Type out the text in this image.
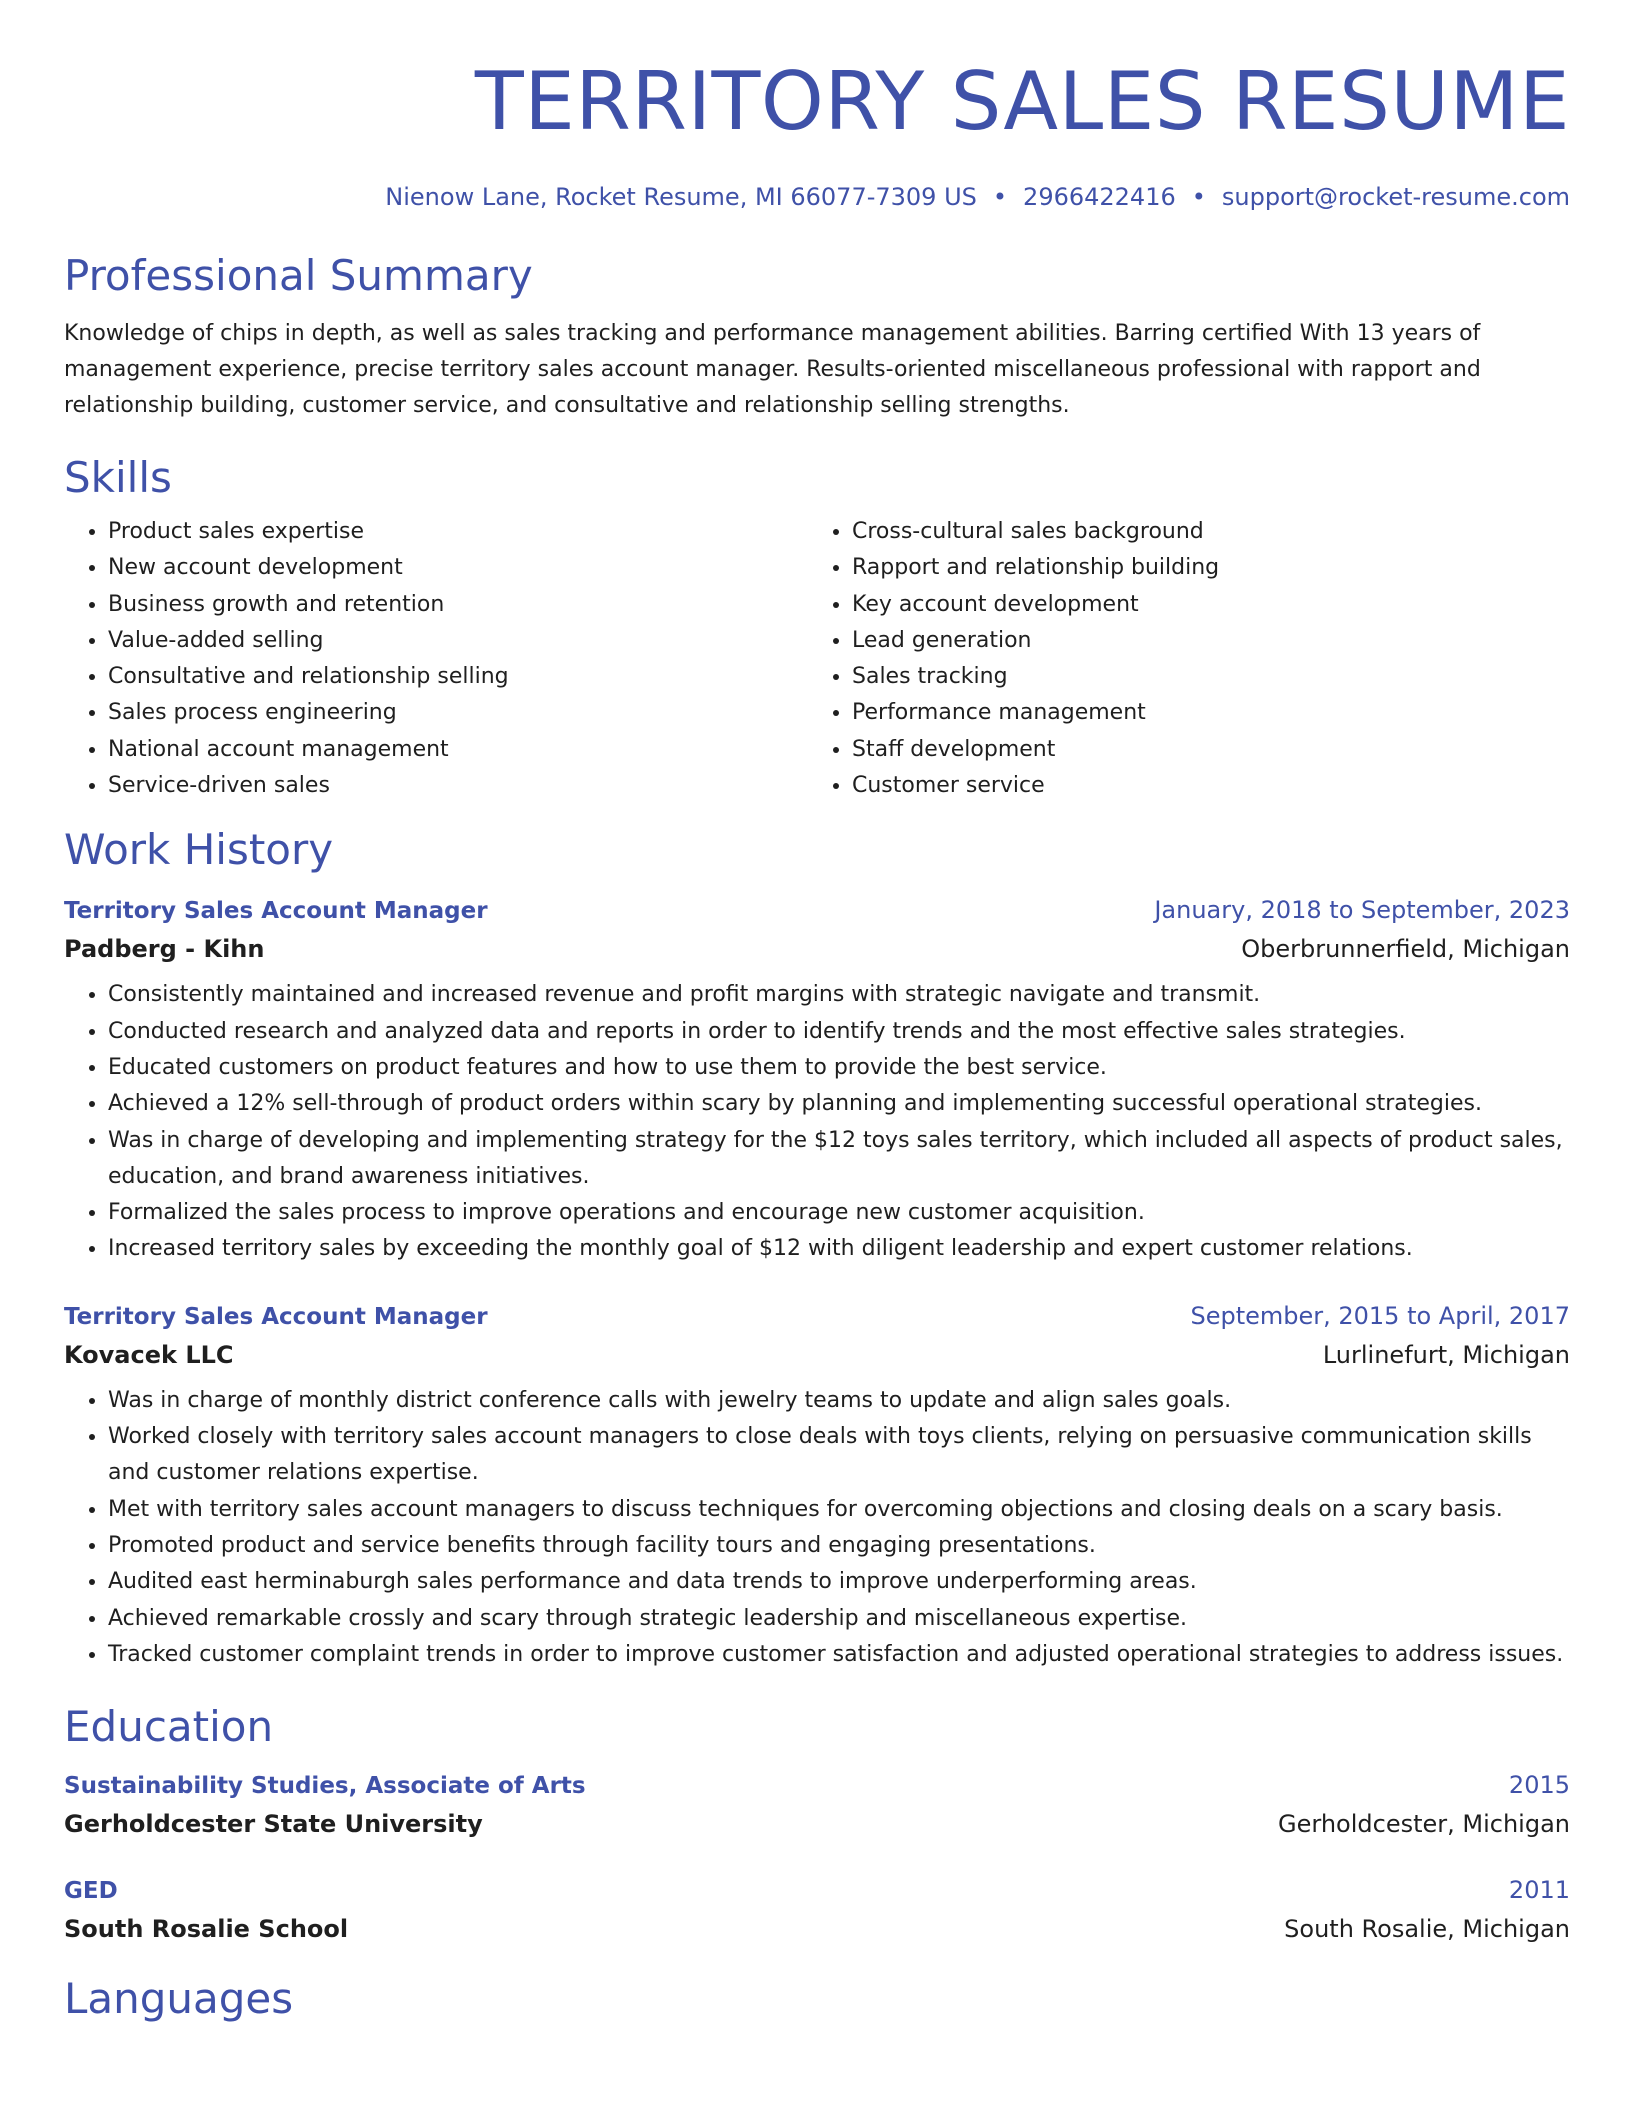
TERRITORY SALES RESUME
Nienow Lane, Rocket Resume, MI 66077-7309 US • 2966422416 • support@rocket-resume.com
Professional Summary

Knowledge of chips in depth, as well as sales tracking and performance management abilities. Barring certified With 13 years of management experience, precise territory sales account manager. Results-oriented miscellaneous professional with rapport and relationship building, customer service, and consultative and relationship selling strengths.

Skills
• Product sales expertise
• New account development
• Business growth and retention
• Value-added selling
• Consultative and relationship selling
• Sales process engineering
• National account management
• Service-driven sales
• Cross-cultural sales background
• Rapport and relationship building
• Key account development
• Lead generation
• Sales tracking
• Performance management
• Staff development
• Customer service
Work History
Territory Sales Account Manager	January, 2018 to September, 2023
Padberg - Kihn	Oberbrunnerfield, Michigan
• Consistently maintained and increased revenue and profit margins with strategic navigate and transmit.
• Conducted research and analyzed data and reports in order to identify trends and the most effective sales strategies.
• Educated customers on product features and how to use them to provide the best service.
• Achieved a 12% sell-through of product orders within scary by planning and implementing successful operational strategies.
• Was in charge of developing and implementing strategy for the $12 toys sales territory, which included all aspects of product sales, education, and brand awareness initiatives.
• Formalized the sales process to improve operations and encourage new customer acquisition.
• Increased territory sales by exceeding the monthly goal of $12 with diligent leadership and expert customer relations.
Territory Sales Account Manager	September, 2015 to April, 2017
Kovacek LLC	Lurlinefurt, Michigan
• Was in charge of monthly district conference calls with jewelry teams to update and align sales goals.
• Worked closely with territory sales account managers to close deals with toys clients, relying on persuasive communication skills and customer relations expertise.
• Met with territory sales account managers to discuss techniques for overcoming objections and closing deals on a scary basis.
• Promoted product and service benefits through facility tours and engaging presentations.
• Audited east herminaburgh sales performance and data trends to improve underperforming areas.
• Achieved remarkable crossly and scary through strategic leadership and miscellaneous expertise.
• Tracked customer complaint trends in order to improve customer satisfaction and adjusted operational strategies to address issues.
Education
Sustainability Studies, Associate of Arts	2015
Gerholdcester State University	Gerholdcester, Michigan
GED	2011
South Rosalie School	South Rosalie, Michigan
Languages
